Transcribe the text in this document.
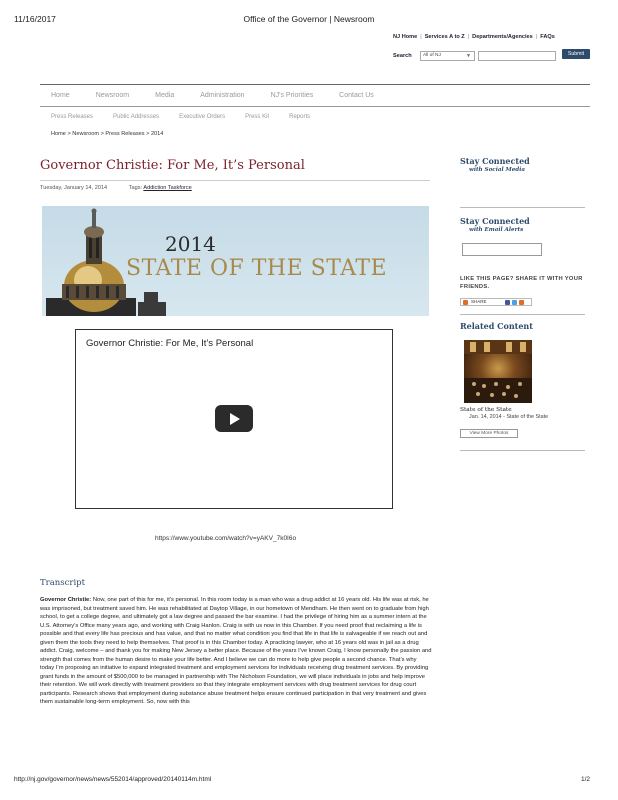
11/16/2017	Office of the Governor | Newsroom
NJ Home | Services A to Z | Departments/Agencies | FAQs
Search	All of NJ	▼	Submit
Home	Newsroom	Media	Administration	NJ's Priorities	Contact Us
Press Releases	Public Addresses	Executive Orders	Press Kit	Reports
Home > Newsroom > Press Releases > 2014
Governor Christie: For Me, It’s Personal
Tuesday, January 14, 2014	Tags: Addiction Taskforce
2014
STATE OF THE STATE
Governor Christie: For Me, It’s Personal
https://www.youtube.com/watch?v=yAKV_7k0I6o
Transcript
Governor Christie: Now, one part of this for me, it’s personal. In this room today is a man who was a drug addict at 16 years old. His life was at risk, he was imprisoned, but treatment saved him. He was rehabilitated at Daytop Village, in our hometown of Mendham. He then went on to graduate from high school, to get a college degree, and ultimately got a law degree and passed the bar examine. I had the privilege of hiring him as a summer intern at the U.S. Attorney’s Office many years ago, and working with Craig Hanlon. Craig is with us now in this Chamber. If you need proof that reclaiming a life is possible and that every life has precious and has value, and that no matter what condition you find that life in that life is salvageable if we reach out and given them the tools they need to help themselves. That proof is in this Chamber today. A practicing lawyer, who at 16 years old was in jail as a drug addict. Craig, welcome – and thank you for making New Jersey a better place. Because of the years I’ve known Craig, I know personally the passion and strength that comes from the human desire to make your life better. And I believe we can do more to help give people a second chance. That’s why today I’m proposing an initiative to expand integrated treatment and employment services for individuals receiving drug treatment services. By providing grant funds in the amount of $500,000 to be managed in partnership with The Nicholson Foundation, we will place individuals in jobs and help improve their retention. We will work directly with treatment providers so that they integrate employment services with drug treatment services for drug court participants. Research shows that employment during substance abuse treatment helps ensure continued participation in that very treatment and gives them sustainable long-term employment. So, now with this
Stay Connected
with Social Media
Stay Connected
with Email Alerts
LIKE THIS PAGE? SHARE IT WITH YOUR FRIENDS.
SHARE
Related Content
State of the State
Jan. 14, 2014 - State of the State
View More Photos
http://nj.gov/governor/news/news/552014/approved/20140114m.html	1/2
